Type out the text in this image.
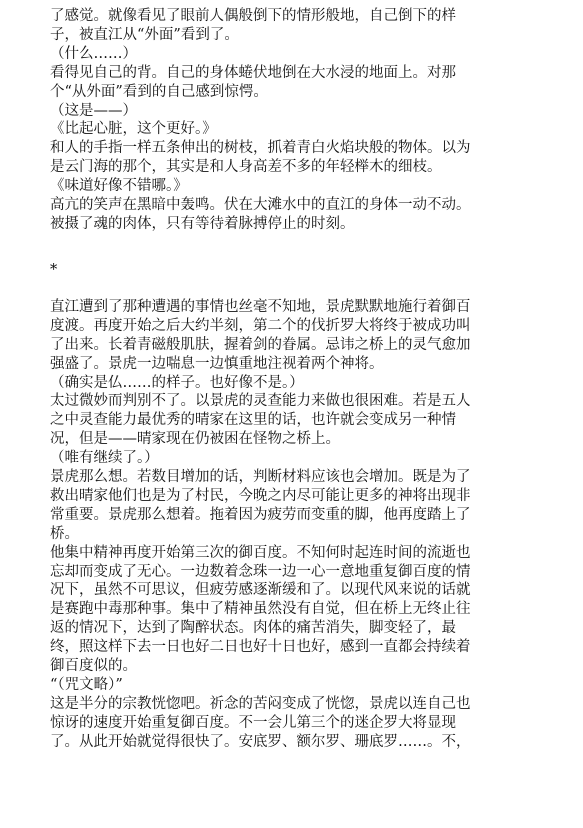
了感觉。就像看见了眼前人偶般倒下的情形般地，自己倒下的样
子，被直江从“外面”看到了。
（什么……）
看得见自己的背。自己的身体蜷伏地倒在大水浸的地面上。对那
个“从外面”看到的自己感到惊愕。
（这是——）
《比起心脏，这个更好。》
和人的手指一样五条伸出的树枝，抓着青白火焰块般的物体。以为
是云门海的那个，其实是和人身高差不多的年轻榉木的细枝。
《味道好像不错哪。》
高亢的笑声在黑暗中轰鸣。伏在大滩水中的直江的身体一动不动。
被摄了魂的肉体，只有等待着脉搏停止的时刻。
*
直江遭到了那种遭遇的事情也丝毫不知地，景虎默默地施行着御百
度渡。再度开始之后大约半刻，第二个的伐折罗大将终于被成功叫
了出来。长着青磁般肌肤，握着剑的眷属。忌讳之桥上的灵气愈加
强盛了。景虎一边喘息一边慎重地注视着两个神将。
（确实是仏……的样子。也好像不是。）
太过微妙而判别不了。以景虎的灵查能力来做也很困难。若是五人
之中灵查能力最优秀的晴家在这里的话，也许就会变成另一种情
况，但是——晴家现在仍被困在怪物之桥上。
（唯有继续了。）
景虎那么想。若数目增加的话，判断材料应该也会增加。既是为了
救出晴家他们也是为了村民，今晚之内尽可能让更多的神将出现非
常重要。景虎那么想着。拖着因为疲劳而变重的脚，他再度踏上了
桥。
他集中精神再度开始第三次的御百度。不知何时起连时间的流逝也
忘却而变成了无心。一边数着念珠一边一心一意地重复御百度的情
况下，虽然不可思议，但疲劳感逐渐缓和了。以现代风来说的话就
是赛跑中毒那种事。集中了精神虽然没有自觉，但在桥上无终止往
返的情况下，达到了陶醉状态。肉体的痛苦消失，脚变轻了，最
终，照这样下去一日也好二日也好十日也好，感到一直都会持续着
御百度似的。
“（咒文略）”
这是半分的宗教恍惚吧。祈念的苦闷变成了恍惚，景虎以连自己也
惊讶的速度开始重复御百度。不一会儿第三个的迷企罗大将显现
了。从此开始就觉得很快了。安底罗、额尔罗、珊底罗……。不，
